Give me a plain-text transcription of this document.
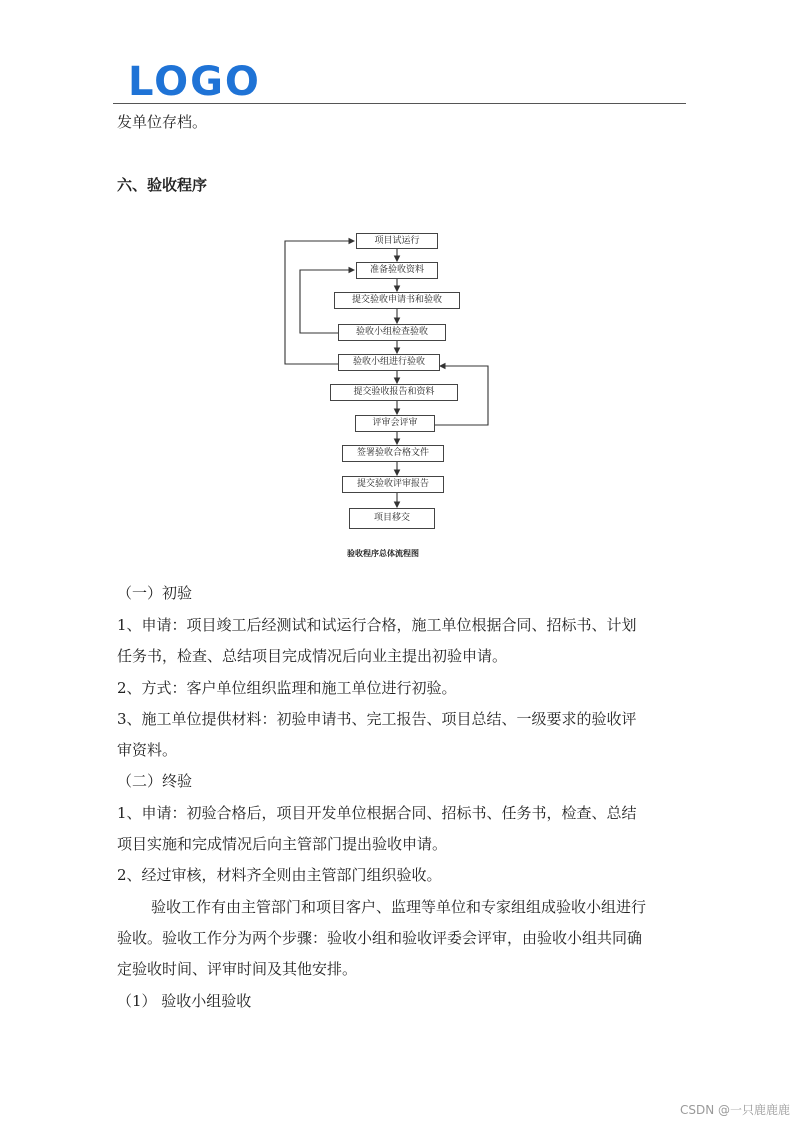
LOGO
发单位存档。
六、验收程序
项目试运行
准备验收资料
提交验收申请书和验收
验收小组检查验收
验收小组进行验收
提交验收报告和资料
评审会评审
签署验收合格文件
提交验收评审报告
项目移交
验收程序总体流程图
（一）初验
1、申请：项目竣工后经测试和试运行合格，施工单位根据合同、招标书、计划
任务书，检查、总结项目完成情况后向业主提出初验申请。
2、方式：客户单位组织监理和施工单位进行初验。
3、施工单位提供材料：初验申请书、完工报告、项目总结、一级要求的验收评
审资料。
（二）终验
1、申请：初验合格后，项目开发单位根据合同、招标书、任务书，检查、总结
项目实施和完成情况后向主管部门提出验收申请。
2、经过审核，材料齐全则由主管部门组织验收。
验收工作有由主管部门和项目客户、监理等单位和专家组组成验收小组进行
验收。验收工作分为两个步骤：验收小组和验收评委会评审，由验收小组共同确
定验收时间、评审时间及其他安排。
（1） 验收小组验收
CSDN @一只鹿鹿鹿
